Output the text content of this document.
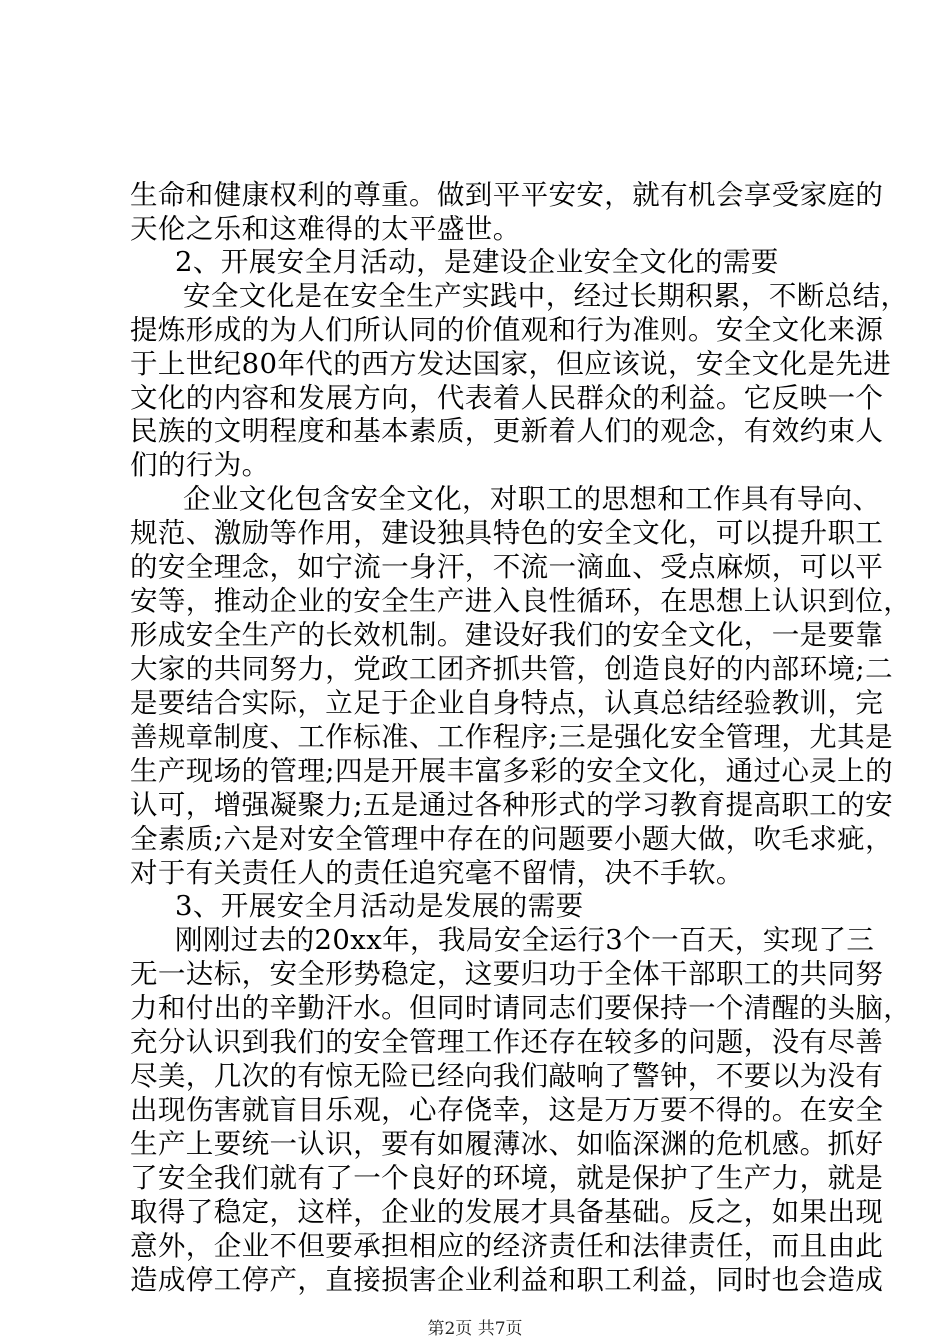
生命和健康权利的尊重。做到平平安安，就有机会享受家庭的
天伦之乐和这难得的太平盛世。
2、开展安全月活动，是建设企业安全文化的需要
安全文化是在安全生产实践中，经过长期积累，不断总结，
提炼形成的为人们所认同的价值观和行为准则。安全文化来源
于上世纪80年代的西方发达国家，但应该说，安全文化是先进
文化的内容和发展方向，代表着人民群众的利益。它反映一个
民族的文明程度和基本素质，更新着人们的观念，有效约束人
们的行为。
企业文化包含安全文化，对职工的思想和工作具有导向、
规范、激励等作用，建设独具特色的安全文化，可以提升职工
的安全理念，如宁流一身汗，不流一滴血、受点麻烦，可以平
安等，推动企业的安全生产进入良性循环，在思想上认识到位，
形成安全生产的长效机制。建设好我们的安全文化，一是要靠
大家的共同努力，党政工团齐抓共管，创造良好的内部环境;二
是要结合实际，立足于企业自身特点，认真总结经验教训，完
善规章制度、工作标准、工作程序;三是强化安全管理，尤其是
生产现场的管理;四是开展丰富多彩的安全文化，通过心灵上的
认可，增强凝聚力;五是通过各种形式的学习教育提高职工的安
全素质;六是对安全管理中存在的问题要小题大做，吹毛求疵，
对于有关责任人的责任追究毫不留情，决不手软。
3、开展安全月活动是发展的需要
刚刚过去的20xx年，我局安全运行3个一百天，实现了三
无一达标，安全形势稳定，这要归功于全体干部职工的共同努
力和付出的辛勤汗水。但同时请同志们要保持一个清醒的头脑，
充分认识到我们的安全管理工作还存在较多的问题，没有尽善
尽美，几次的有惊无险已经向我们敲响了警钟，不要以为没有
出现伤害就盲目乐观，心存侥幸，这是万万要不得的。在安全
生产上要统一认识，要有如履薄冰、如临深渊的危机感。抓好
了安全我们就有了一个良好的环境，就是保护了生产力，就是
取得了稳定，这样，企业的发展才具备基础。反之，如果出现
意外，企业不但要承担相应的经济责任和法律责任，而且由此
造成停工停产，直接损害企业利益和职工利益，同时也会造成
第2页 共7页
